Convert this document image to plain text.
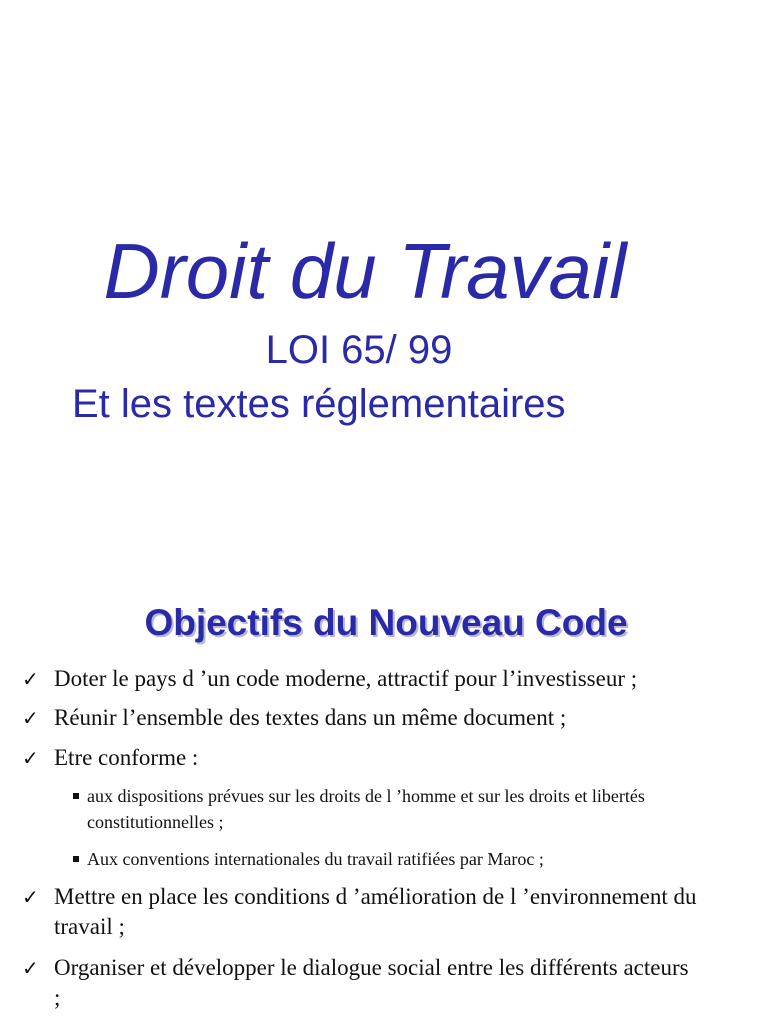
Droit du Travail
LOI 65/ 99
Et les textes réglementaires
Objectifs du Nouveau Code
✓ Doter le pays d ’un code moderne, attractif pour l’investisseur ;
✓ Réunir l’ensemble des textes dans un même document ;
✓ Etre conforme :
aux dispositions prévues sur les droits de l ’homme et sur les droits et libertés constitutionnelles ;
Aux conventions internationales du travail ratifiées par Maroc ;
✓ Mettre en place les conditions d ’amélioration de l ’environnement du travail ;
✓ Organiser et développer le dialogue social entre les différents acteurs ;
